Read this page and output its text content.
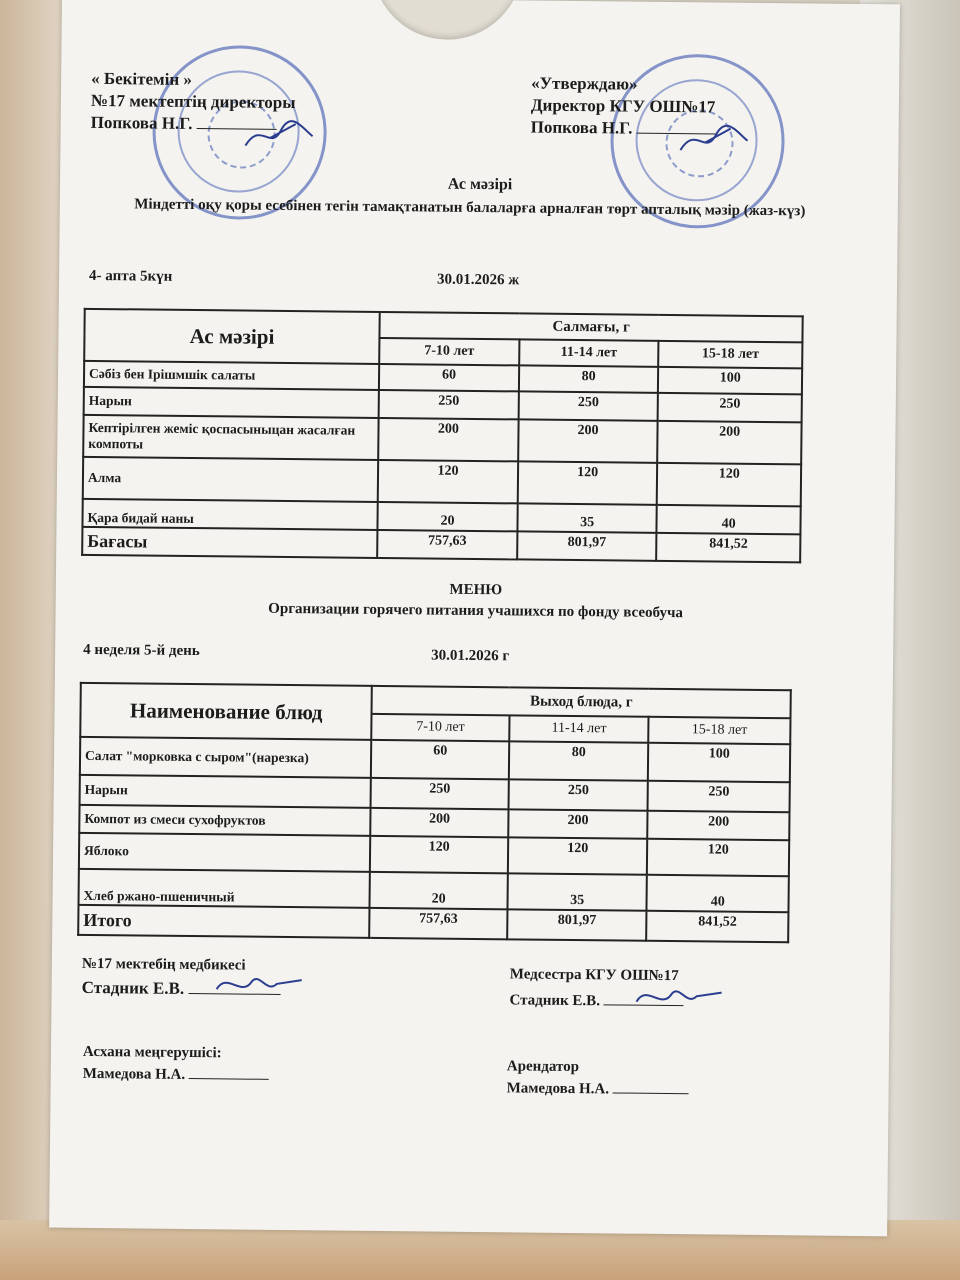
« Бекітемін »
№17 мектептің директоры
Попкова Н.Г.
«Утверждаю»
Директор КГУ ОШ№17
Попкова Н.Г.
Ас мәзірі
Міндетті оқу қоры есебінен тегін тамақтанатын балаларға арналған төрт апталық мәзір (жаз-күз)
4- апта 5күн	30.01.2026 ж
Ас мәзірі	Салмағы, г		
	7-10 лет	11-14 лет	15-18 лет
Сәбіз бен Ірішмшік салаты	60	80	100
Нарын	250	250	250
Кептірілген жеміс қоспасыныцан жасалған компоты	200	200	200
Алма	120	120	120
Қара бидай наны	20	35	40
Бағасы	757,63	801,97	841,52
МЕНЮ
Организации горячего питания учашихся по фонду всеобуча
4 неделя 5-й день	30.01.2026 г
Наименование блюд	Выход блюда, г		
	7-10 лет	11-14 лет	15-18 лет
Салат "морковка с сыром"(нарезка)	60	80	100
Нарын	250	250	250
Компот из смеси сухофруктов	200	200	200
Яблоко	120	120	120
Хлеб ржано-пшеничный	20	35	40
Итого	757,63	801,97	841,52
№17 мектебің медбикесі
Стадник Е.В.
Медсестра КГУ ОШ№17
Стадник Е.В.
Асхана меңгерушісі:
Мамедова Н.А.	Арендатор
Мамедова Н.А.
